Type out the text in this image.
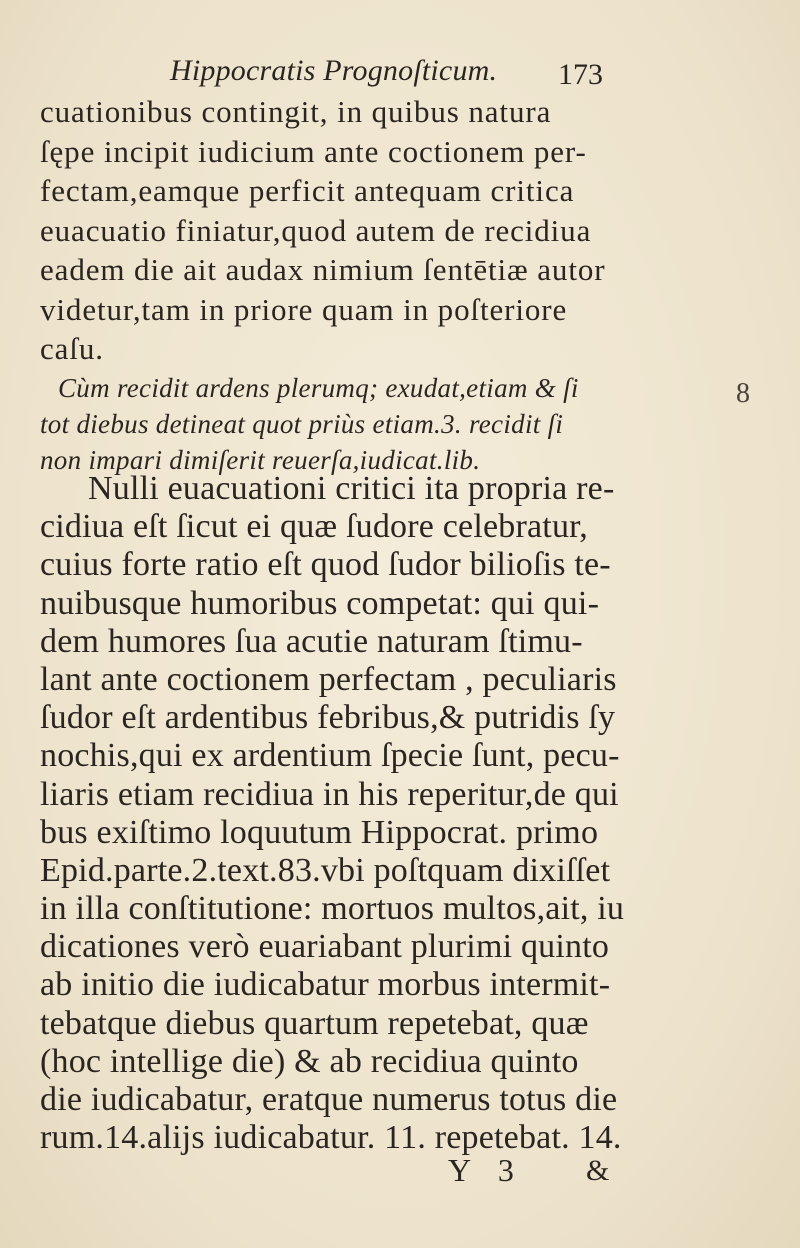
Hippocratis Prognoſticum. 173
cuationibus contingit, in quibus natura
ſępe incipit iudicium ante coctionem per-
fectam,eamque perficit antequam critica
euacuatio finiatur,quod autem de recidiua
eadem die ait audax nimium ſentētiæ autor
videtur,tam in priore quam in poſteriore
caſu.
Cùm recidit ardens plerumq; exudat,etiam & ſi
tot diebus detineat quot priùs etiam.3. recidit ſi
non impari dimiſerit reuerſa,iudicat.lib.
8
Nulli euacuationi critici ita propria re-
cidiua eſt ſicut ei quæ ſudore celebratur,
cuius forte ratio eſt quod ſudor bilioſis te-
nuibusque humoribus competat: qui qui-
dem humores ſua acutie naturam ſtimu-
lant ante coctionem perfectam , peculiaris
ſudor eſt ardentibus febribus,& putridis ſy
nochis,qui ex ardentium ſpecie ſunt, pecu-
liaris etiam recidiua in his reperitur,de qui
bus exiſtimo loquutum Hippocrat. primo
Epid.parte.2.text.83.vbi poſtquam dixiſſet
in illa conſtitutione: mortuos multos,ait, iu
dicationes verò euariabant plurimi quinto
ab initio die iudicabatur morbus intermit-
tebatque diebus quartum repetebat, quæ
(hoc intellige die) & ab recidiua quinto
die iudicabatur, eratque numerus totus die
rum.14.alijs iudicabatur. 11. repetebat. 14.
Y 3 &
